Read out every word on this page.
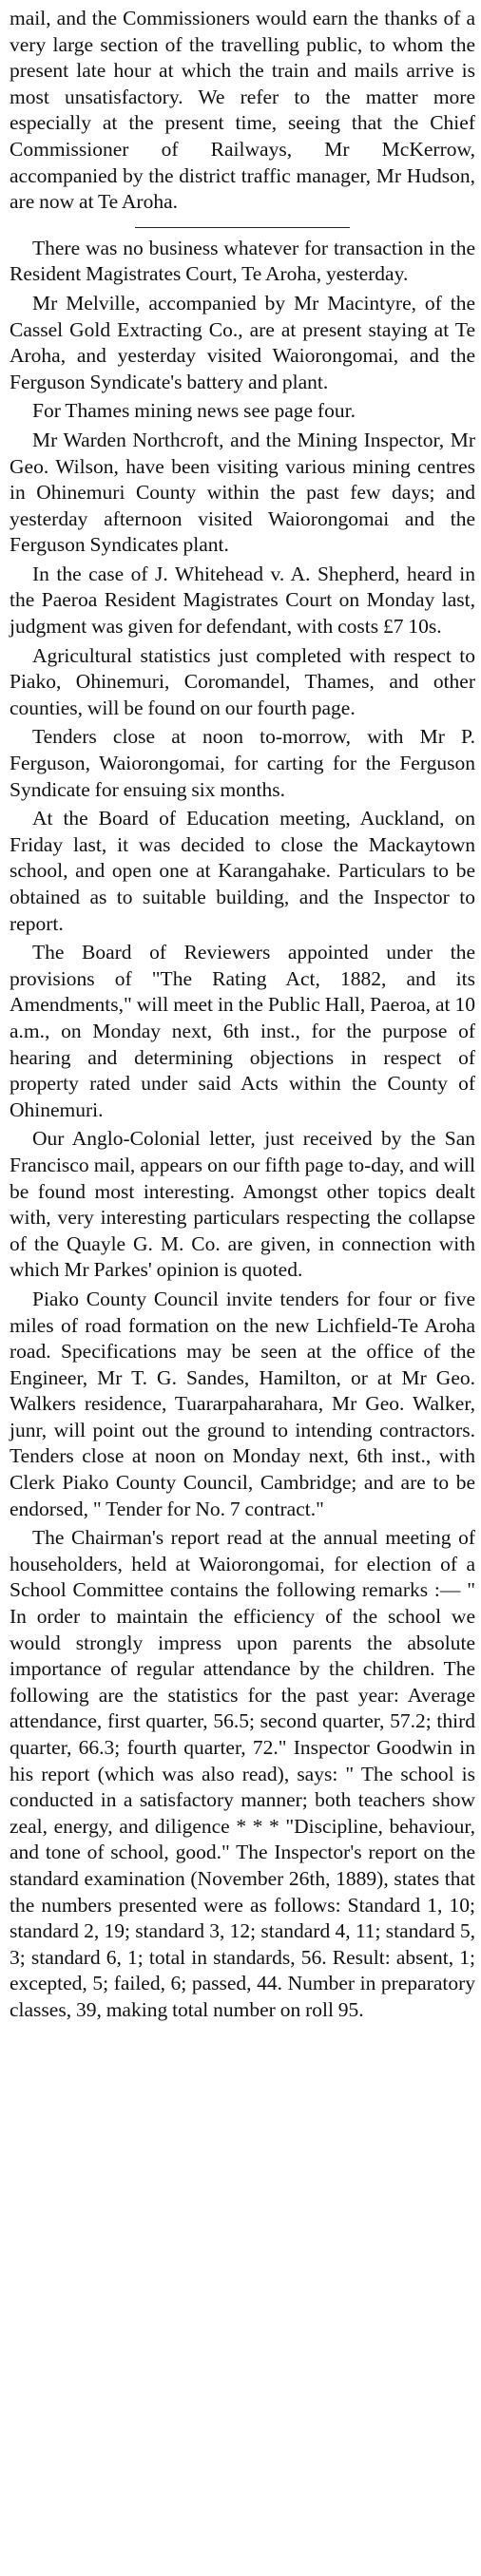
mail, and the Commissioners would earn the thanks of a very large section of the travelling public, to whom the present late hour at which the train and mails arrive is most unsatisfactory. We refer to the matter more especially at the present time, seeing that the Chief Commissioner of Railways, Mr McKerrow, accompanied by the district traffic manager, Mr Hudson, are now at Te Aroha.

There was no business whatever for transaction in the Resident Magistrates Court, Te Aroha, yesterday.

Mr Melville, accompanied by Mr Macintyre, of the Cassel Gold Extracting Co., are at present staying at Te Aroha, and yesterday visited Waiorongomai, and the Ferguson Syndicate's battery and plant.

For Thames mining news see page four.

Mr Warden Northcroft, and the Mining Inspector, Mr Geo. Wilson, have been visiting various mining centres in Ohinemuri County within the past few days; and yesterday afternoon visited Waiorongomai and the Ferguson Syndicates plant.

In the case of J. Whitehead v. A. Shepherd, heard in the Paeroa Resident Magistrates Court on Monday last, judgment was given for defendant, with costs £7 10s.

Agricultural statistics just completed with respect to Piako, Ohinemuri, Coromandel, Thames, and other counties, will be found on our fourth page.

Tenders close at noon to-morrow, with Mr P. Ferguson, Waiorongomai, for carting for the Ferguson Syndicate for ensuing six months.

At the Board of Education meeting, Auckland, on Friday last, it was decided to close the Mackaytown school, and open one at Karangahake. Particulars to be obtained as to suitable building, and the Inspector to report.

The Board of Reviewers appointed under the provisions of "The Rating Act, 1882, and its Amendments," will meet in the Public Hall, Paeroa, at 10 a.m., on Monday next, 6th inst., for the purpose of hearing and determining objections in respect of property rated under said Acts within the County of Ohinemuri.

Our Anglo-Colonial letter, just received by the San Francisco mail, appears on our fifth page to-day, and will be found most interesting. Amongst other topics dealt with, very interesting particulars respecting the collapse of the Quayle G. M. Co. are given, in connection with which Mr Parkes' opinion is quoted.

Piako County Council invite tenders for four or five miles of road formation on the new Lichfield-Te Aroha road. Specifications may be seen at the office of the Engineer, Mr T. G. Sandes, Hamilton, or at Mr Geo. Walkers residence, Tuararpaharahara, Mr Geo. Walker, junr, will point out the ground to intending contractors. Tenders close at noon on Monday next, 6th inst., with Clerk Piako County Council, Cambridge; and are to be endorsed, " Tender for No. 7 contract."

The Chairman's report read at the annual meeting of householders, held at Waiorongomai, for election of a School Committee contains the following remarks :— " In order to maintain the efficiency of the school we would strongly impress upon parents the absolute importance of regular attendance by the children. The following are the statistics for the past year: Average attendance, first quarter, 56.5; second quarter, 57.2; third quarter, 66.3; fourth quarter, 72." Inspector Goodwin in his report (which was also read), says: " The school is conducted in a satisfactory manner; both teachers show zeal, energy, and diligence * * * "Discipline, behaviour, and tone of school, good." The Inspector's report on the standard examination (November 26th, 1889), states that the numbers presented were as follows: Standard 1, 10; standard 2, 19; standard 3, 12; standard 4, 11; standard 5, 3; standard 6, 1; total in standards, 56. Result: absent, 1; excepted, 5; failed, 6; passed, 44. Number in preparatory classes, 39, making total number on roll 95.
